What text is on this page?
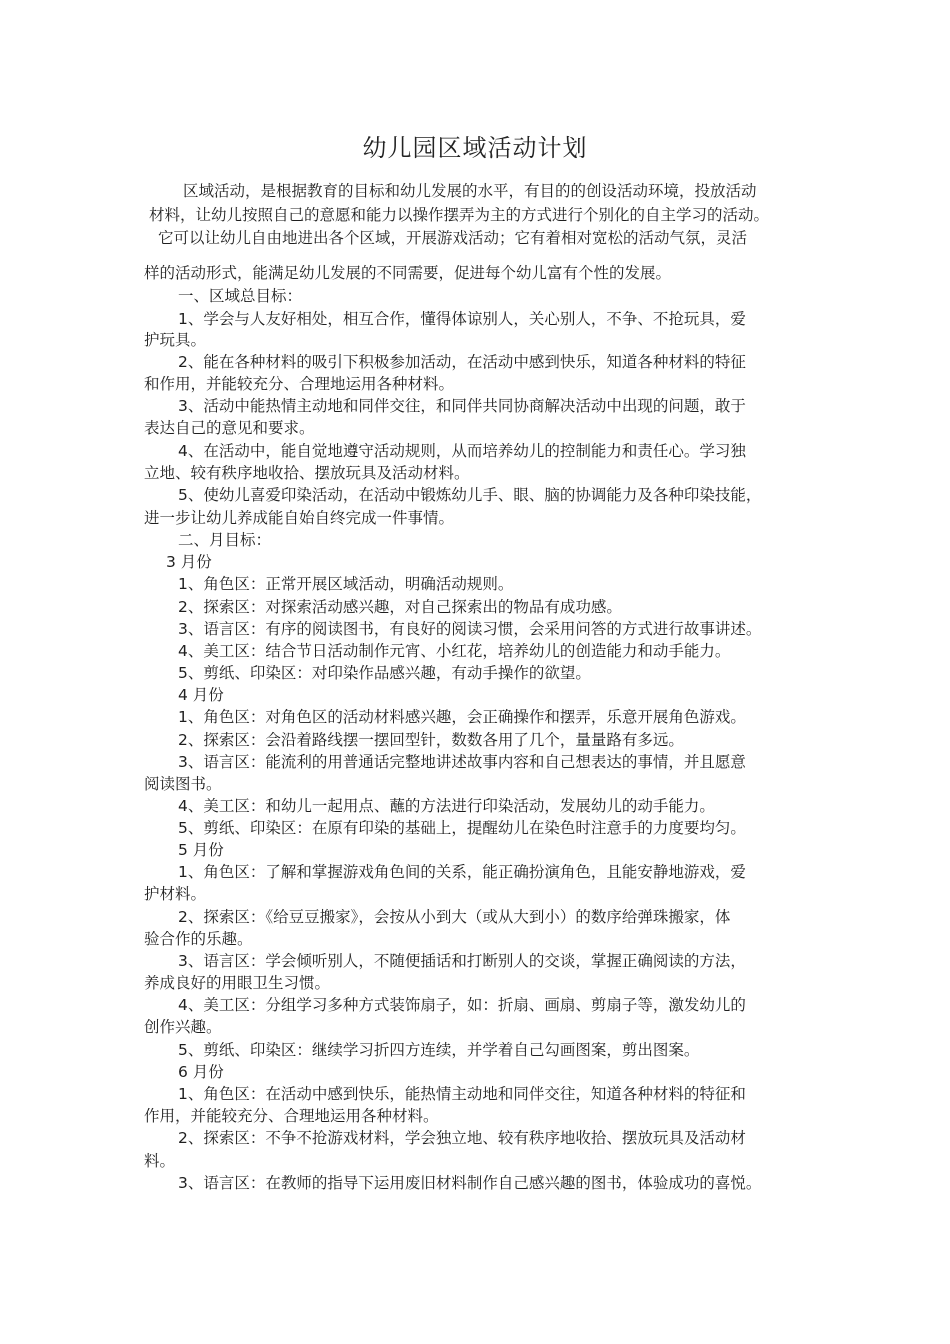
幼儿园区域活动计划
区域活动，是根据教育的目标和幼儿发展的水平，有目的的创设活动环境，投放活动
材料，让幼儿按照自己的意愿和能力以操作摆弄为主的方式进行个别化的自主学习的活动。
它可以让幼儿自由地进出各个区域，开展游戏活动；它有着相对宽松的活动气氛，灵活
样的活动形式，能满足幼儿发展的不同需要，促进每个幼儿富有个性的发展。
一、区域总目标：
1、学会与人友好相处，相互合作，懂得体谅别人，关心别人，不争、不抢玩具，爱
护玩具。
2、能在各种材料的吸引下积极参加活动，在活动中感到快乐，知道各种材料的特征
和作用，并能较充分、合理地运用各种材料。
3、活动中能热情主动地和同伴交往，和同伴共同协商解决活动中出现的问题，敢于
表达自己的意见和要求。
4、在活动中，能自觉地遵守活动规则，从而培养幼儿的控制能力和责任心。学习独
立地、较有秩序地收拾、摆放玩具及活动材料。
5、使幼儿喜爱印染活动，在活动中锻炼幼儿手、眼、脑的协调能力及各种印染技能，
进一步让幼儿养成能自始自终完成一件事情。
二、月目标：
3 月份
1、角色区：正常开展区域活动，明确活动规则。
2、探索区：对探索活动感兴趣，对自己探索出的物品有成功感。
3、语言区：有序的阅读图书，有良好的阅读习惯，会采用问答的方式进行故事讲述。
4、美工区：结合节日活动制作元宵、小红花，培养幼儿的创造能力和动手能力。
5、剪纸、印染区：对印染作品感兴趣，有动手操作的欲望。
4 月份
1、角色区：对角色区的活动材料感兴趣，会正确操作和摆弄，乐意开展角色游戏。
2、探索区：会沿着路线摆一摆回型针，数数各用了几个，量量路有多远。
3、语言区：能流利的用普通话完整地讲述故事内容和自己想表达的事情，并且愿意
阅读图书。
4、美工区：和幼儿一起用点、蘸的方法进行印染活动，发展幼儿的动手能力。
5、剪纸、印染区：在原有印染的基础上，提醒幼儿在染色时注意手的力度要均匀。
5 月份
1、角色区：了解和掌握游戏角色间的关系，能正确扮演角色，且能安静地游戏，爱
护材料。
2、探索区：《给豆豆搬家》，会按从小到大（或从大到小）的数序给弹珠搬家，体
验合作的乐趣。
3、语言区：学会倾听别人，不随便插话和打断别人的交谈，掌握正确阅读的方法，
养成良好的用眼卫生习惯。
4、美工区：分组学习多种方式装饰扇子，如：折扇、画扇、剪扇子等，激发幼儿的
创作兴趣。
5、剪纸、印染区：继续学习折四方连续，并学着自己勾画图案，剪出图案。
6 月份
1、角色区：在活动中感到快乐，能热情主动地和同伴交往，知道各种材料的特征和
作用，并能较充分、合理地运用各种材料。
2、探索区：不争不抢游戏材料，学会独立地、较有秩序地收拾、摆放玩具及活动材
料。
3、语言区：在教师的指导下运用废旧材料制作自己感兴趣的图书，体验成功的喜悦。
